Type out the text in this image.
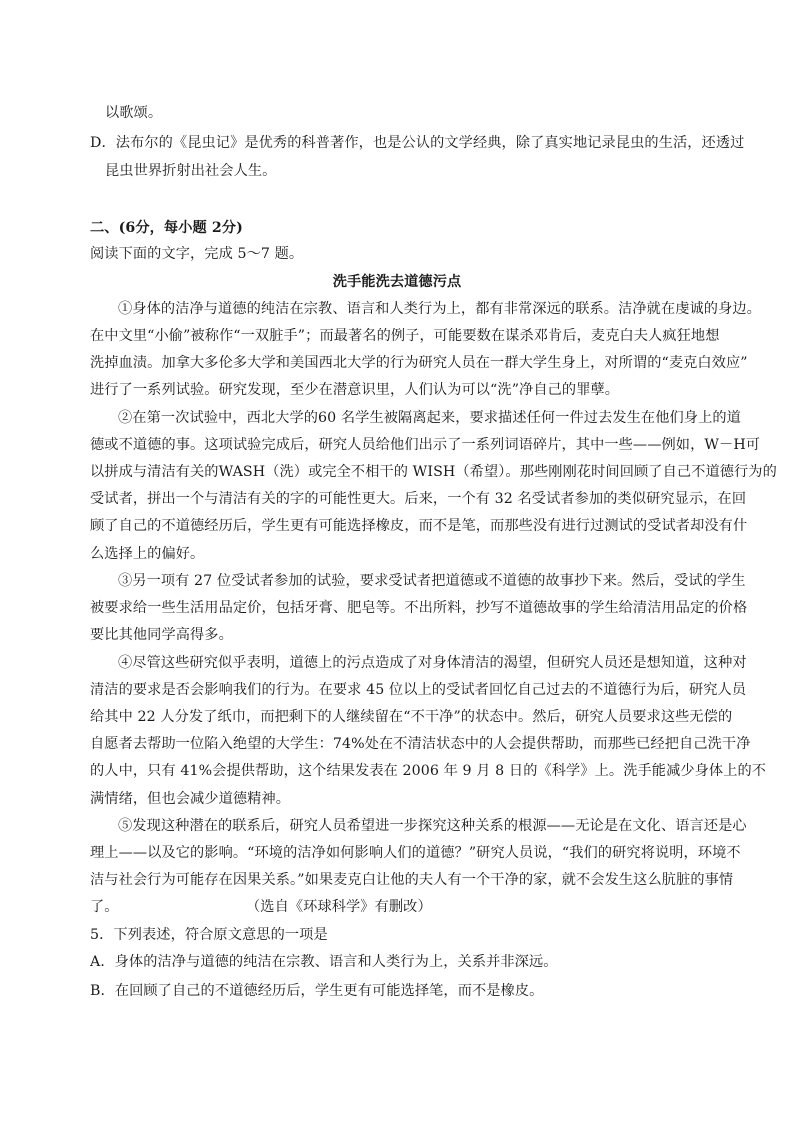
以歌颂。
D．法布尔的《昆虫记》是优秀的科普著作，也是公认的文学经典，除了真实地记录昆虫的生活，还透过
昆虫世界折射出社会人生。
二、(6分，每小题 2分)
阅读下面的文字，完成 5～7 题。
洗手能洗去道德污点
①身体的洁净与道德的纯洁在宗教、语言和人类行为上，都有非常深远的联系。洁净就在虔诚的身边。
在中文里“小偷”被称作“一双脏手”；而最著名的例子，可能要数在谋杀邓肯后，麦克白夫人疯狂地想
洗掉血渍。加拿大多伦多大学和美国西北大学的行为研究人员在一群大学生身上，对所谓的“麦克白效应”
进行了一系列试验。研究发现，至少在潜意识里，人们认为可以“洗”净自己的罪孽。
②在第一次试验中，西北大学的60 名学生被隔离起来，要求描述任何一件过去发生在他们身上的道
德或不道德的事。这项试验完成后，研究人员给他们出示了一系列词语碎片，其中一些——例如，W－H可
以拼成与清洁有关的WASH（洗）或完全不相干的 WISH（希望）。那些刚刚花时间回顾了自己不道德行为的
受试者，拼出一个与清洁有关的字的可能性更大。后来，一个有 32 名受试者参加的类似研究显示，在回
顾了自己的不道德经历后，学生更有可能选择橡皮，而不是笔，而那些没有进行过测试的受试者却没有什
么选择上的偏好。
③另一项有 27 位受试者参加的试验，要求受试者把道德或不道德的故事抄下来。然后，受试的学生
被要求给一些生活用品定价，包括牙膏、肥皂等。不出所料，抄写不道德故事的学生给清洁用品定的价格
要比其他同学高得多。
④尽管这些研究似乎表明，道德上的污点造成了对身体清洁的渴望，但研究人员还是想知道，这种对
清洁的要求是否会影响我们的行为。在要求 45 位以上的受试者回忆自己过去的不道德行为后，研究人员
给其中 22 人分发了纸巾，而把剩下的人继续留在“不干净”的状态中。然后，研究人员要求这些无偿的
自愿者去帮助一位陷入绝望的大学生：74%处在不清洁状态中的人会提供帮助，而那些已经把自己洗干净
的人中，只有 41%会提供帮助，这个结果发表在 2006 年 9 月 8 日的《科学》上。洗手能减少身体上的不
满情绪，但也会减少道德精神。
⑤发现这种潜在的联系后，研究人员希望进一步探究这种关系的根源——无论是在文化、语言还是心
理上——以及它的影响。“环境的洁净如何影响人们的道德？”研究人员说，“我们的研究将说明，环境不
洁与社会行为可能存在因果关系。”如果麦克白让他的夫人有一个干净的家，就不会发生这么肮脏的事情
了。	（选自《环球科学》有删改）
5．下列表述，符合原文意思的一项是
A．身体的洁净与道德的纯洁在宗教、语言和人类行为上，关系并非深远。
B．在回顾了自己的不道德经历后，学生更有可能选择笔，而不是橡皮。
